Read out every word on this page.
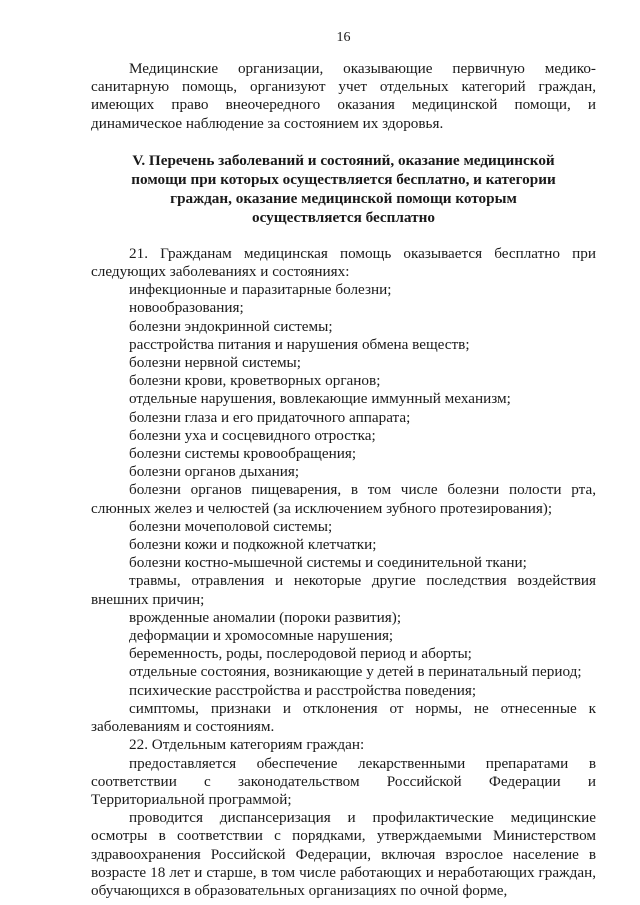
16

Медицинские организации, оказывающие первичную медико-санитарную помощь, организуют учет отдельных категорий граждан, имеющих право внеочередного оказания медицинской помощи, и динамическое наблюдение за состоянием их здоровья.

V. Перечень заболеваний и состояний, оказание медицинской
помощи при которых осуществляется бесплатно, и категории
граждан, оказание медицинской помощи которым
осуществляется бесплатно

21. Гражданам медицинская помощь оказывается бесплатно при следующих заболеваниях и состояниях:

инфекционные и паразитарные болезни;

новообразования;

болезни эндокринной системы;

расстройства питания и нарушения обмена веществ;

болезни нервной системы;

болезни крови, кроветворных органов;

отдельные нарушения, вовлекающие иммунный механизм;

болезни глаза и его придаточного аппарата;

болезни уха и сосцевидного отростка;

болезни системы кровообращения;

болезни органов дыхания;

болезни органов пищеварения, в том числе болезни полости рта, слюнных желез и челюстей (за исключением зубного протезирования);

болезни мочеполовой системы;

болезни кожи и подкожной клетчатки;

болезни костно-мышечной системы и соединительной ткани;

травмы, отравления и некоторые другие последствия воздействия внешних причин;

врожденные аномалии (пороки развития);

деформации и хромосомные нарушения;

беременность, роды, послеродовой период и аборты;

отдельные состояния, возникающие у детей в перинатальный период;

психические расстройства и расстройства поведения;

симптомы, признаки и отклонения от нормы, не отнесенные к заболеваниям и состояниям.

22. Отдельным категориям граждан:

предоставляется обеспечение лекарственными препаратами в соответствии с законодательством Российской Федерации и Территориальной программой;

проводится диспансеризация и профилактические медицинские осмотры в соответствии с порядками, утверждаемыми Министерством здравоохранения Российской Федерации, включая взрослое население в возрасте 18 лет и старше, в том числе работающих и неработающих граждан, обучающихся в образовательных организациях по очной форме,
